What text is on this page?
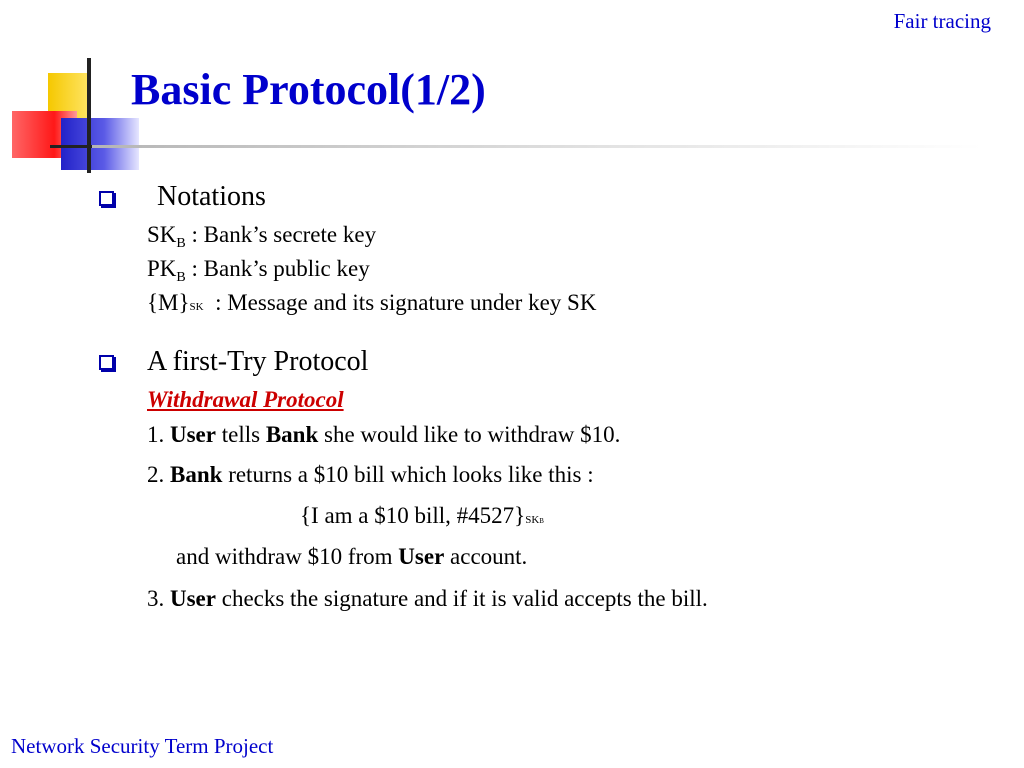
Fair tracing
Basic Protocol(1/2)
Notations
$SK_B$ : Bank’s secrete key
$PK_B$ : Bank’s public key
{M}SK  : Message and its signature under key SK
A first-Try Protocol
Withdrawal Protocol
1. User tells Bank she would like to withdraw $10.
2. Bank returns a $10 bill which looks like this :
{I am a $10 bill, #4527}SKB
and withdraw $10 from User account.
3. User checks the signature and if it is valid accepts the bill.
Network Security Term Project
